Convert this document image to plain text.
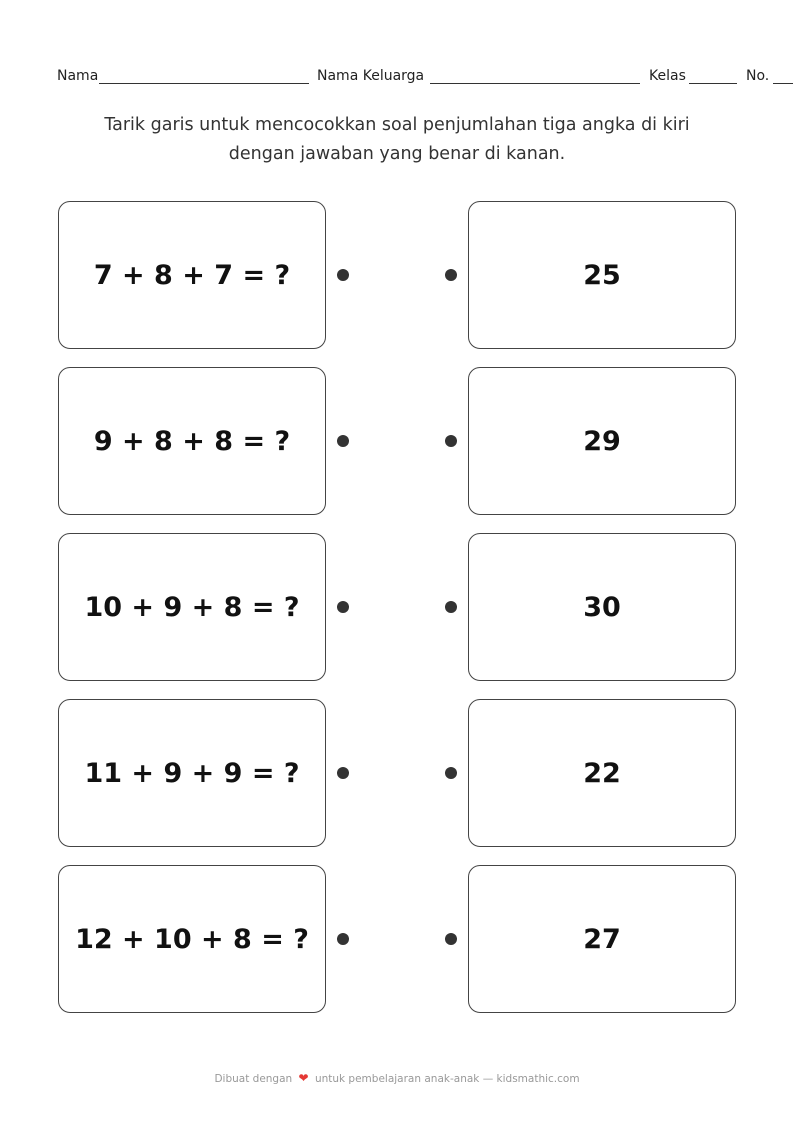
Nama	Nama Keluarga	Kelas	No.
Tarik garis untuk mencocokkan soal penjumlahan tiga angka di kiri
dengan jawaban yang benar di kanan.
7 + 8 + 7 = ?	25
9 + 8 + 8 = ?	29
10 + 9 + 8 = ?	30
11 + 9 + 9 = ?	22
12 + 10 + 8 = ?	27
Dibuat dengan ❤ untuk pembelajaran anak-anak — kidsmathic.com
